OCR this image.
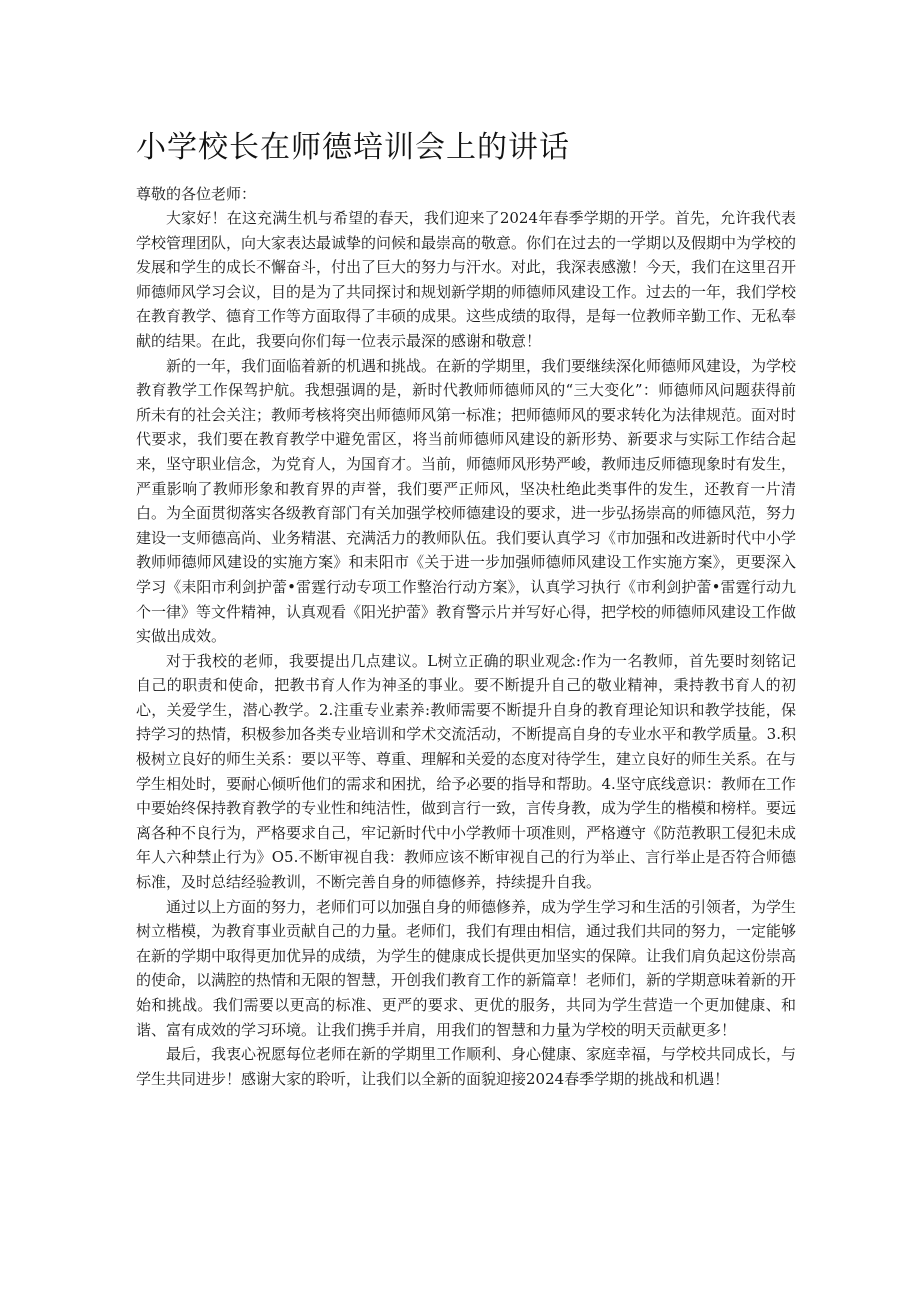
小学校长在师德培训会上的讲话

尊敬的各位老师：

大家好！在这充满生机与希望的春天，我们迎来了2024年春季学期的开学。首先，允许我代表学校管理团队，向大家表达最诚挚的问候和最崇高的敬意。你们在过去的一学期以及假期中为学校的发展和学生的成长不懈奋斗，付出了巨大的努力与汗水。对此，我深表感激！今天，我们在这里召开师德师风学习会议，目的是为了共同探讨和规划新学期的师德师风建设工作。过去的一年，我们学校在教育教学、德育工作等方面取得了丰硕的成果。这些成绩的取得，是每一位教师辛勤工作、无私奉献的结果。在此，我要向你们每一位表示最深的感谢和敬意！

新的一年，我们面临着新的机遇和挑战。在新的学期里，我们要继续深化师德师风建设，为学校教育教学工作保驾护航。我想强调的是，新时代教师师德师风的“三大变化”：师德师风问题获得前所未有的社会关注；教师考核将突出师德师风第一标准；把师德师风的要求转化为法律规范。面对时代要求，我们要在教育教学中避免雷区，将当前师德师风建设的新形势、新要求与实际工作结合起来，坚守职业信念，为党育人，为国育才。当前，师德师风形势严峻，教师违反师德现象时有发生，严重影响了教师形象和教育界的声誉，我们要严正师风，坚决杜绝此类事件的发生，还教育一片清白。为全面贯彻落实各级教育部门有关加强学校师德建设的要求，进一步弘扬崇高的师德风范，努力建设一支师德高尚、业务精湛、充满活力的教师队伍。我们要认真学习《市加强和改进新时代中小学教师师德师风建设的实施方案》和耒阳市《关于进一步加强师德师风建设工作实施方案》，更要深入学习《耒阳市利剑护蕾•雷霆行动专项工作整治行动方案》，认真学习执行《市利剑护蕾•雷霆行动九个一律》等文件精神，认真观看《阳光护蕾》教育警示片并写好心得，把学校的师德师风建设工作做实做出成效。

对于我校的老师，我要提出几点建议。L树立正确的职业观念:作为一名教师，首先要时刻铭记自己的职责和使命，把教书育人作为神圣的事业。要不断提升自己的敬业精神，秉持教书育人的初心，关爱学生，潜心教学。2.注重专业素养:教师需要不断提升自身的教育理论知识和教学技能，保持学习的热情，积极参加各类专业培训和学术交流活动，不断提高自身的专业水平和教学质量。3.积极树立良好的师生关系：要以平等、尊重、理解和关爱的态度对待学生，建立良好的师生关系。在与学生相处时，要耐心倾听他们的需求和困扰，给予必要的指导和帮助。4.坚守底线意识：教师在工作中要始终保持教育教学的专业性和纯洁性，做到言行一致，言传身教，成为学生的楷模和榜样。要远离各种不良行为，严格要求自己，牢记新时代中小学教师十项准则，严格遵守《防范教职工侵犯未成年人六种禁止行为》O5.不断审视自我：教师应该不断审视自己的行为举止、言行举止是否符合师德标准，及时总结经验教训，不断完善自身的师德修养，持续提升自我。

通过以上方面的努力，老师们可以加强自身的师德修养，成为学生学习和生活的引领者，为学生树立楷模，为教育事业贡献自己的力量。老师们，我们有理由相信，通过我们共同的努力，一定能够在新的学期中取得更加优异的成绩，为学生的健康成长提供更加坚实的保障。让我们肩负起这份崇高的使命，以满腔的热情和无限的智慧，开创我们教育工作的新篇章！老师们，新的学期意味着新的开始和挑战。我们需要以更高的标准、更严的要求、更优的服务，共同为学生营造一个更加健康、和谐、富有成效的学习环境。让我们携手并肩，用我们的智慧和力量为学校的明天贡献更多！

最后，我衷心祝愿每位老师在新的学期里工作顺利、身心健康、家庭幸福，与学校共同成长，与学生共同进步！感谢大家的聆听，让我们以全新的面貌迎接2024春季学期的挑战和机遇！
